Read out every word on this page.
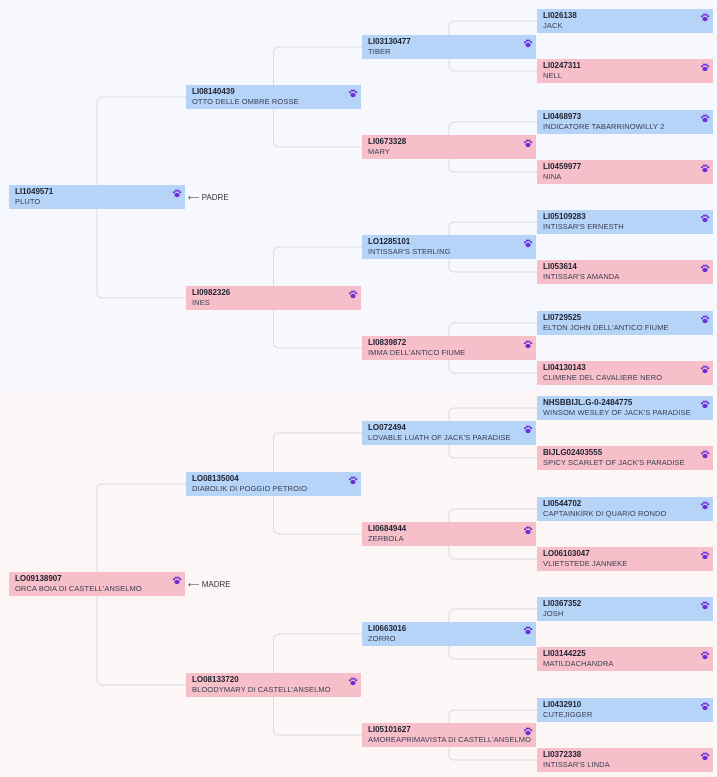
⟵ PADRE
⟵ MADRE
LI1049571
PLUTO
LI08140439
OTTO DELLE OMBRE ROSSE
LI0982326
INES
LI03130477
TIBER
LI0673328
MARY
LO1285101
INTISSAR'S STERLING
LI0839872
IMMA DELL'ANTICO FIUME
LI026138
JACK
LI0247311
NELL
LI0468973
INDICATORE TABARRINOWILLY 2
LI0459977
NINA
LI05109283
INTISSAR'S ERNESTH
LI053614
INTISSAR'S AMANDA
LI0729525
ELTON JOHN DELL'ANTICO FIUME
LI04130143
CLIMENE DEL CAVALIERE NERO
LO09138907
ORCA BOIA DI CASTELL'ANSELMO
LO08135004
DIABOLIK DI POGGIO PETROIO
LO08133720
BLOODYMARY DI CASTELL'ANSELMO
LO072494
LOVABLE LUATH OF JACK'S PARADISE
LI0684944
ZERBOLA
LI0663016
ZORRO
LI05101627
AMOREAPRIMAVISTA DI CASTELL'ANSELMO
NHSBBIJL.G-0-2484775
WINSOM WESLEY OF JACK'S PARADISE
BIJLG02403555
SPICY SCARLET OF JACK'S PARADISE
LI0544702
CAPTAINKIRK DI QUARIO RONDO
LO06103047
VLIETSTEDE JANNEKE
LI0367352
JOSH
LI03144225
MATILDACHANDRA
LI0432910
CUTEJIGGER
LI0372338
INTISSAR'S LINDA
